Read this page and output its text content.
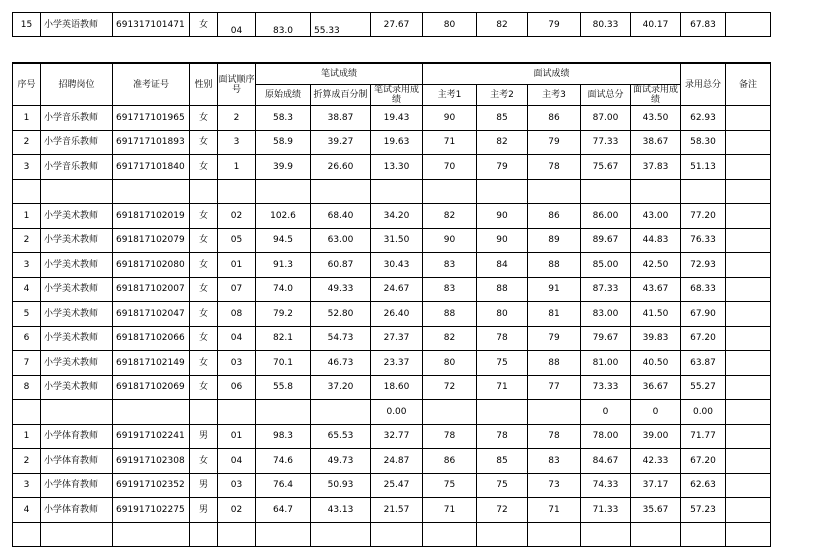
15	小学英语教师	691317101471	女	04	83.0	55.33	27.67	80	82	79	80.33	40.17	67.83	
序号	招聘岗位	准考证号	性别	面试顺序号	笔试成绩			面试成绩					录用总分	备注
					原始成绩	折算成百分制	笔试录用成绩	主考1	主考2	主考3	面试总分	面试录用成绩		
1	小学音乐教师	691717101965	女	2	58.3	38.87	19.43	90	85	86	87.00	43.50	62.93	
2	小学音乐教师	691717101893	女	3	58.9	39.27	19.63	71	82	79	77.33	38.67	58.30	
3	小学音乐教师	691717101840	女	1	39.9	26.60	13.30	70	79	78	75.67	37.83	51.13	

1	小学美术教师	691817102019	女	02	102.6	68.40	34.20	82	90	86	86.00	43.00	77.20	
2	小学美术教师	691817102079	女	05	94.5	63.00	31.50	90	90	89	89.67	44.83	76.33	
3	小学美术教师	691817102080	女	01	91.3	60.87	30.43	83	84	88	85.00	42.50	72.93	
4	小学美术教师	691817102007	女	07	74.0	49.33	24.67	83	88	91	87.33	43.67	68.33	
5	小学美术教师	691817102047	女	08	79.2	52.80	26.40	88	80	81	83.00	41.50	67.90	
6	小学美术教师	691817102066	女	04	82.1	54.73	27.37	82	78	79	79.67	39.83	67.20	
7	小学美术教师	691817102149	女	03	70.1	46.73	23.37	80	75	88	81.00	40.50	63.87	
8	小学美术教师	691817102069	女	06	55.8	37.20	18.60	72	71	77	73.33	36.67	55.27	
							0.00				0	0	0.00	
1	小学体育教师	691917102241	男	01	98.3	65.53	32.77	78	78	78	78.00	39.00	71.77	
2	小学体育教师	691917102308	女	04	74.6	49.73	24.87	86	85	83	84.67	42.33	67.20	
3	小学体育教师	691917102352	男	03	76.4	50.93	25.47	75	75	73	74.33	37.17	62.63	
4	小学体育教师	691917102275	男	02	64.7	43.13	21.57	71	72	71	71.33	35.67	57.23	
